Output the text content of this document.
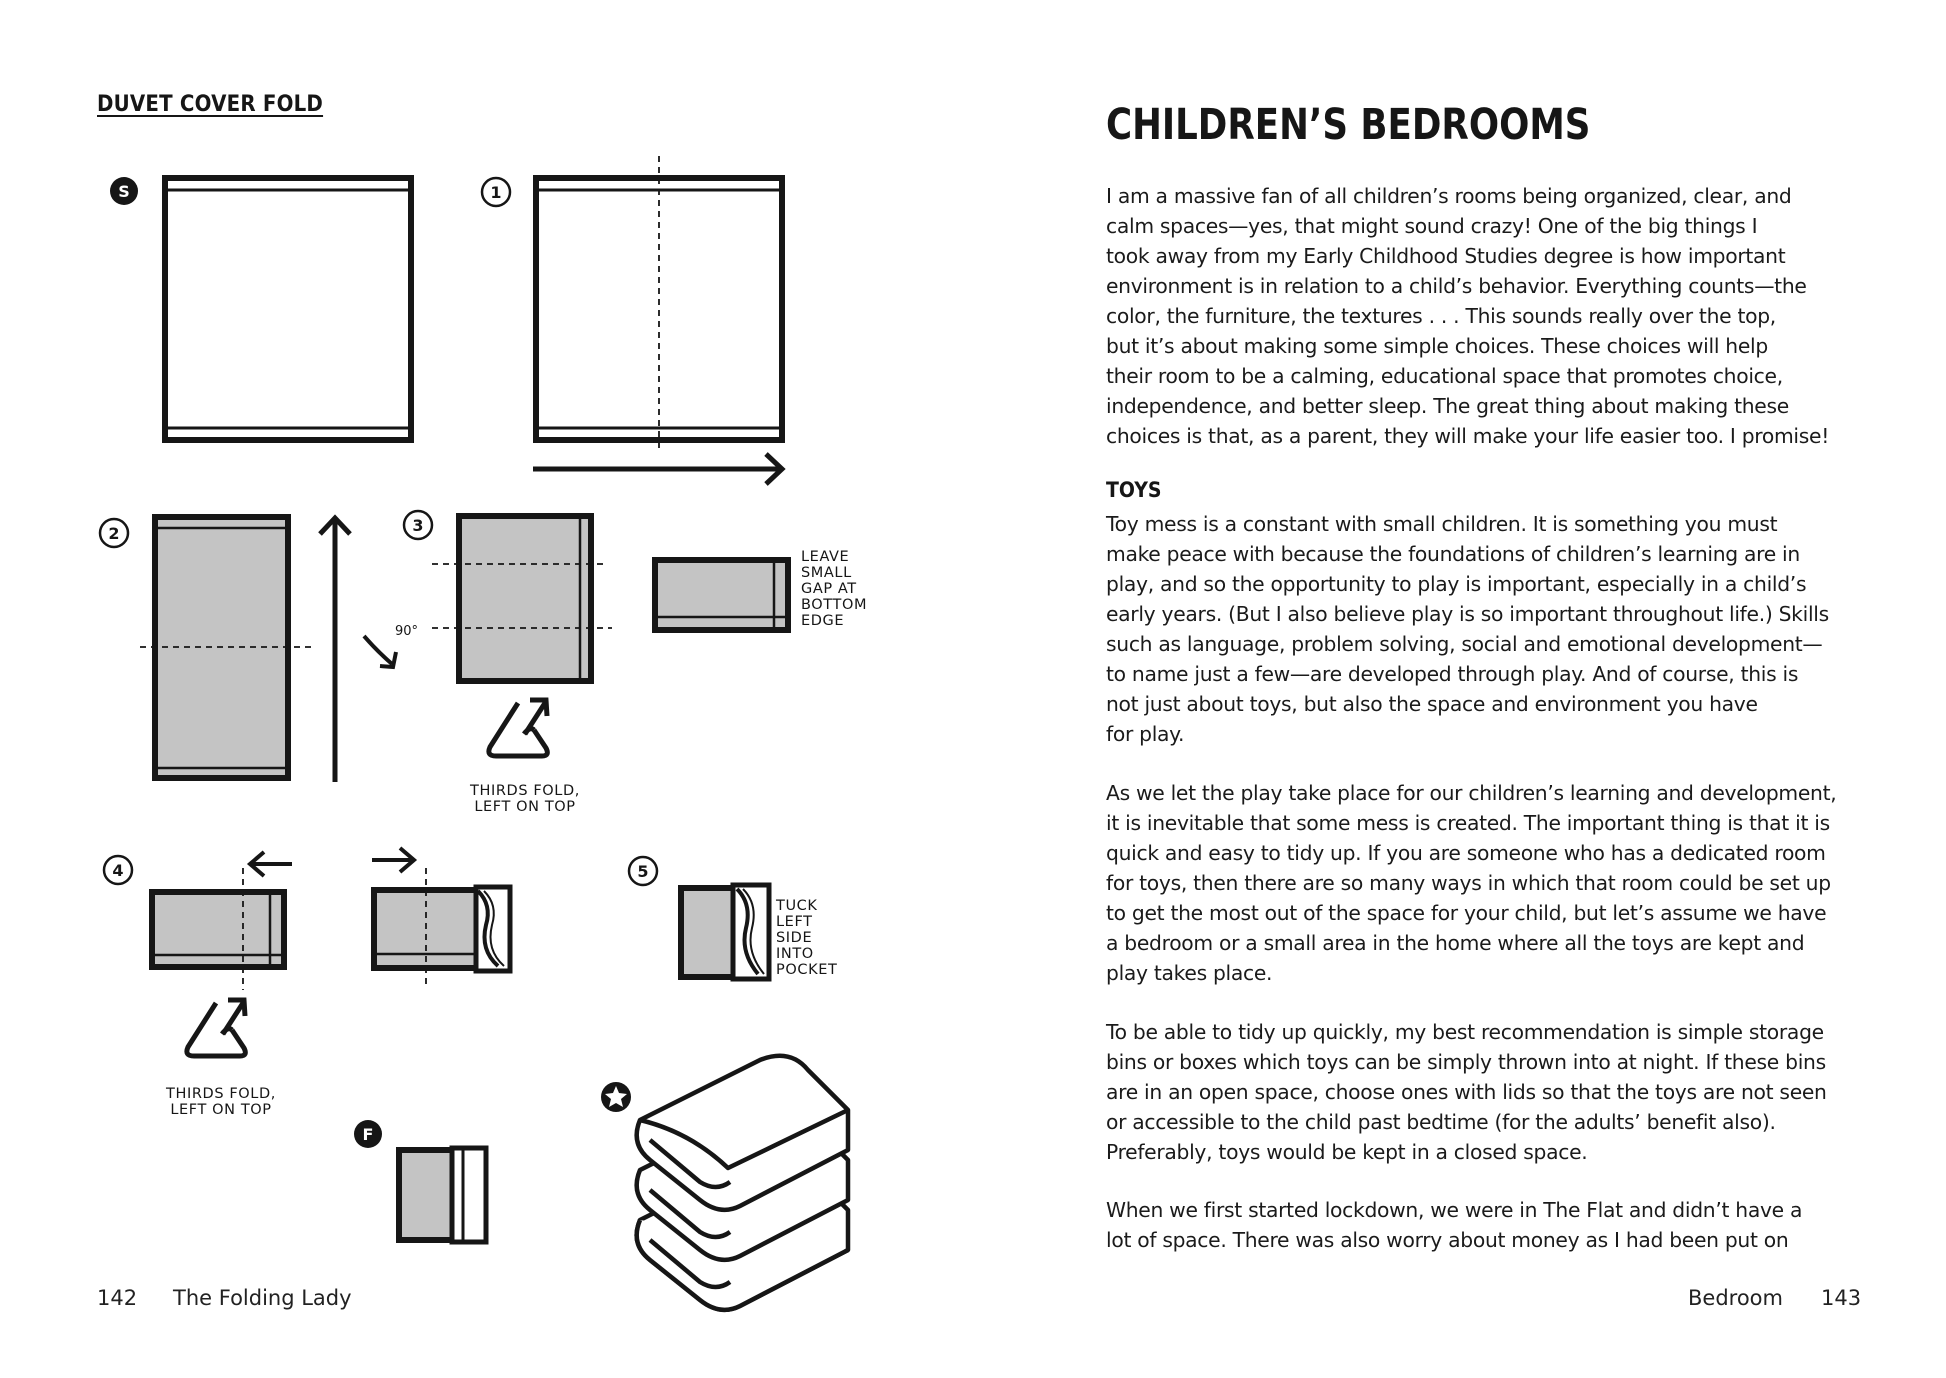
DUVET COVER FOLD
S	1
2
90°
3
4	5
F
LEAVE
SMALL
GAP AT
BOTTOM
EDGE
THIRDS FOLD,
LEFT ON TOP
TUCK
LEFT
SIDE
INTO
POCKET
THIRDS FOLD,
LEFT ON TOP
142 The Folding Lady
CHILDREN’S BEDROOMS
I am a massive fan of all children’s rooms being organized, clear, and
calm spaces—yes, that might sound crazy! One of the big things I
took away from my Early Childhood Studies degree is how important
environment is in relation to a child’s behavior. Everything counts—the
color, the furniture, the textures . . . This sounds really over the top,
but it’s about making some simple choices. These choices will help
their room to be a calming, educational space that promotes choice,
independence, and better sleep. The great thing about making these
choices is that, as a parent, they will make your life easier too. I promise!
TOYS
Toy mess is a constant with small children. It is something you must
make peace with because the foundations of children’s learning are in
play, and so the opportunity to play is important, especially in a child’s
early years. (But I also believe play is so important throughout life.) Skills
such as language, problem solving, social and emotional development—
to name just a few—are developed through play. And of course, this is
not just about toys, but also the space and environment you have
for play.
As we let the play take place for our children’s learning and development,
it is inevitable that some mess is created. The important thing is that it is
quick and easy to tidy up. If you are someone who has a dedicated room
for toys, then there are so many ways in which that room could be set up
to get the most out of the space for your child, but let’s assume we have
a bedroom or a small area in the home where all the toys are kept and
play takes place.
To be able to tidy up quickly, my best recommendation is simple storage
bins or boxes which toys can be simply thrown into at night. If these bins
are in an open space, choose ones with lids so that the toys are not seen
or accessible to the child past bedtime (for the adults’ benefit also).
Preferably, toys would be kept in a closed space.
When we first started lockdown, we were in The Flat and didn’t have a
lot of space. There was also worry about money as I had been put on
Bedroom 143
